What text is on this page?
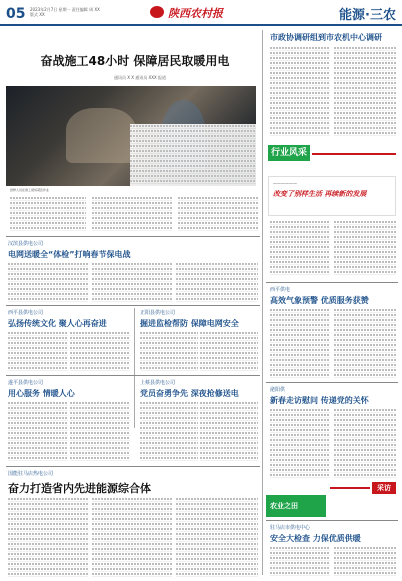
05	2023年2月7日 星期一 责任编辑 周 XX 版式 XX	陕西农村报	能源·三农
奋战施工48小时 保障居民取暖用电
通讯员 X X 通讯员 XXX 报道
抢修人员在施工现场紧张作业

市政协调研组到市农机中心调研

行业风采
——————
改变了别样生活 再续新的发展

汉滨县供电公司
电网送暖全“体检”打响春节保电战

西平县供电公司
弘扬传统文化 聚人心再奋进

正阳县供电公司
掘进监检帮防 保障电网安全

遂平县供电公司
用心服务 情暖人心

上蔡县供电公司
党员奋勇争先 深夜抢修送电

国能驻马店热电公司
奋力打造省内先进能源综合体

西平供电
高效气象预警 优质服务获赞

泌阳供
新春走访慰问 传递党的关怀

采访
农业之田
驻马店市供电中心
安全大检查 力保优质供暖
